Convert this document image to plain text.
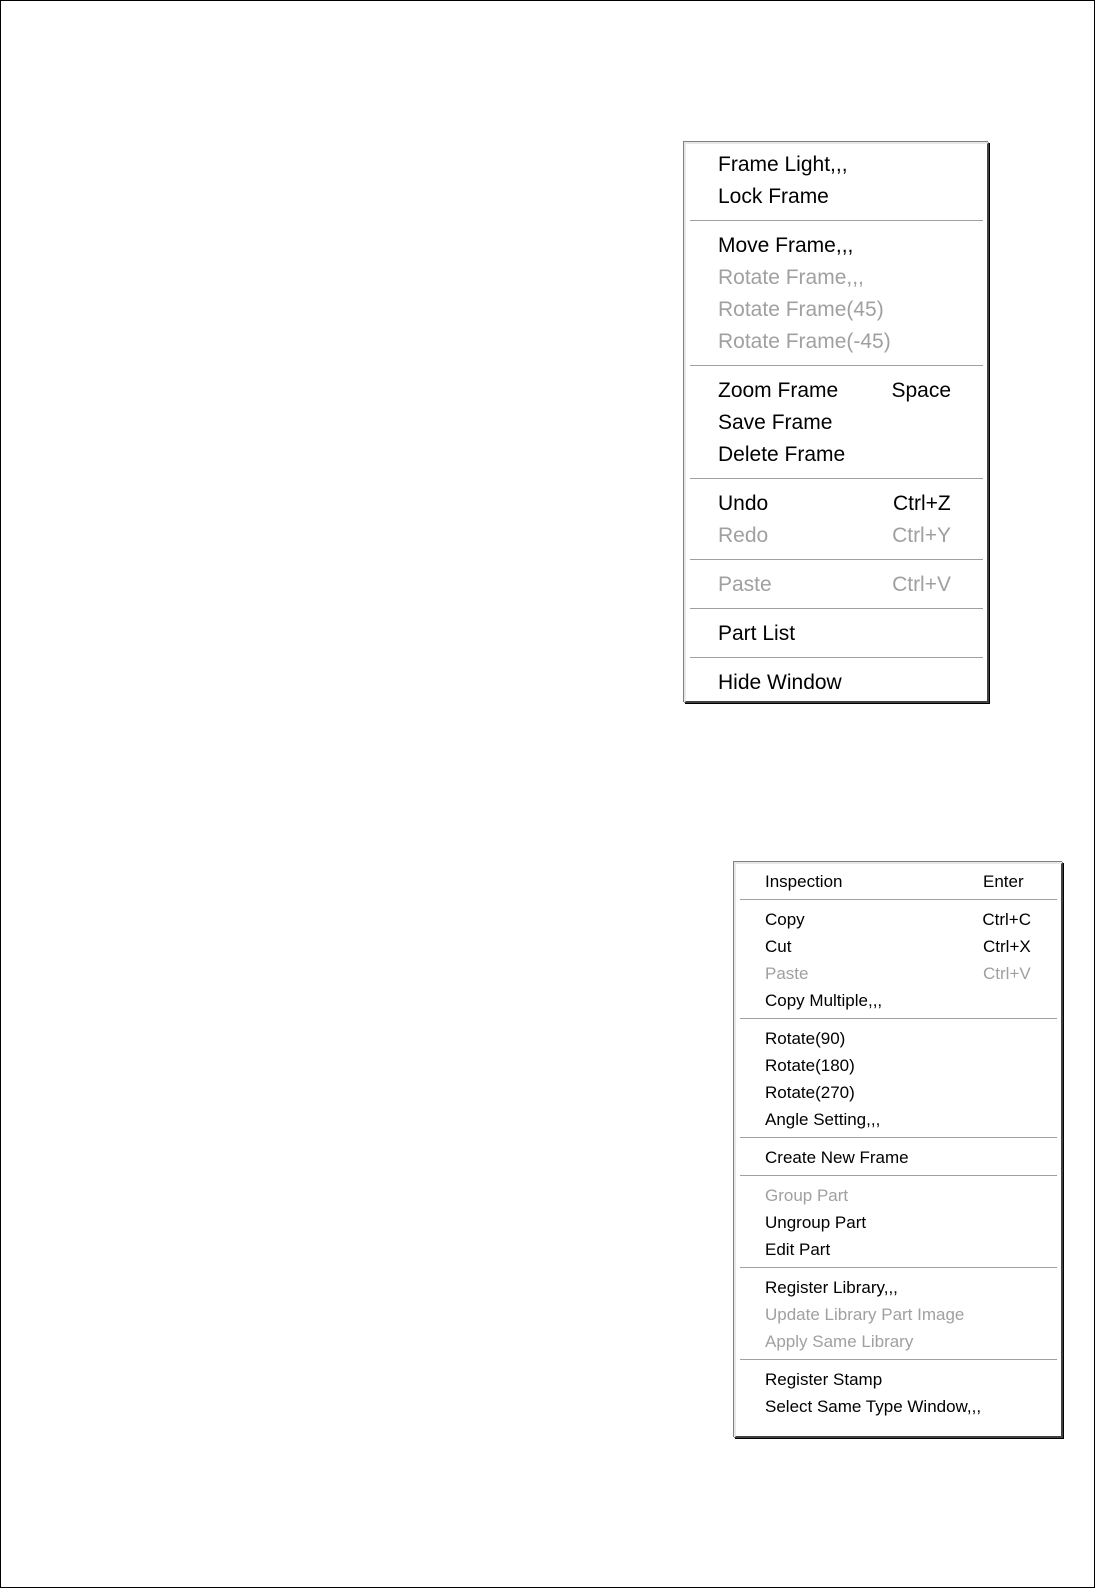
Frame Light,,,
Lock Frame
Move Frame,,,
Rotate Frame,,,
Rotate Frame(45)
Rotate Frame(-45)
Zoom Frame	Space
Save Frame
Delete Frame
Undo	Ctrl+Z
Redo	Ctrl+Y
Paste	Ctrl+V
Part List
Hide Window
Inspection	Enter
Copy	Ctrl+C
Cut	Ctrl+X
Paste	Ctrl+V
Copy Multiple,,,
Rotate(90)
Rotate(180)
Rotate(270)
Angle Setting,,,
Create New Frame
Group Part
Ungroup Part
Edit Part
Register Library,,,
Update Library Part Image
Apply Same Library
Register Stamp
Select Same Type Window,,,
